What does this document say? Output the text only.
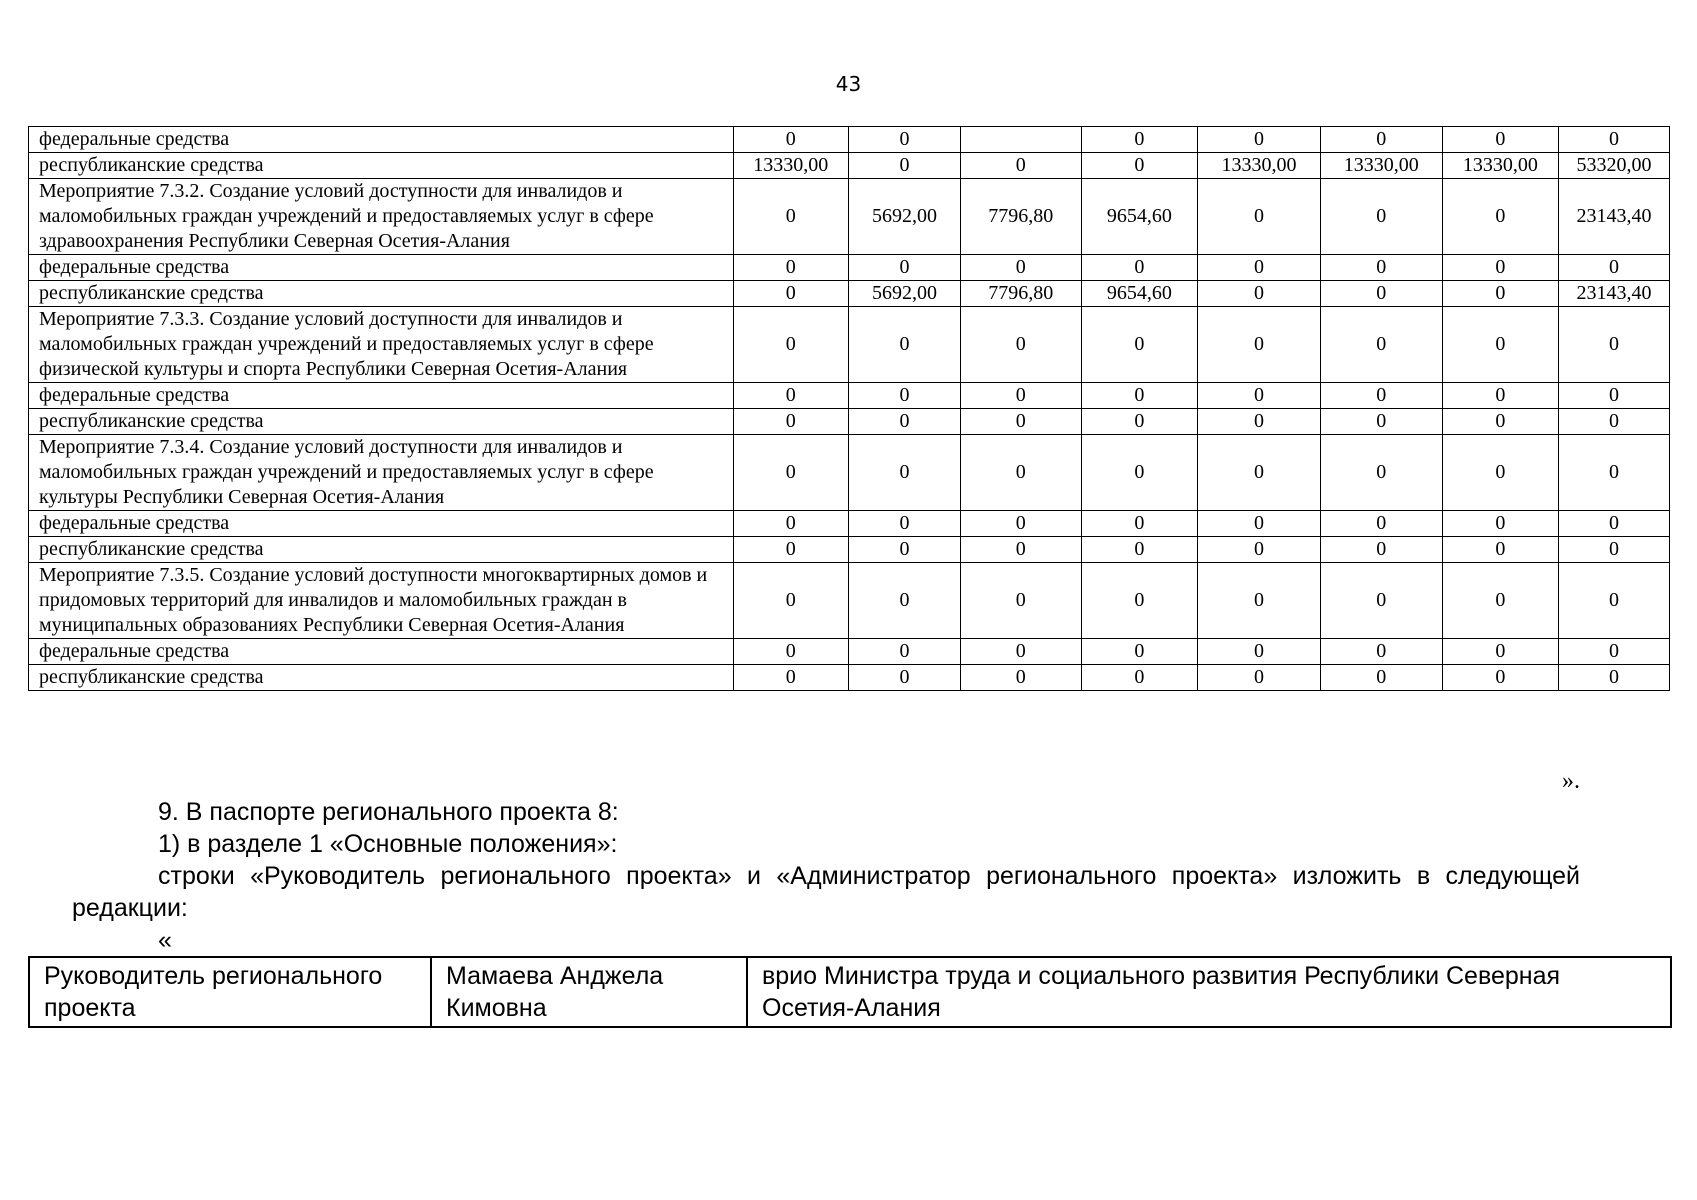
43
федеральные средства	0	0		0	0	0	0	0
республиканские средства	13330,00	0	0	0	13330,00	13330,00	13330,00	53320,00
Мероприятие 7.3.2. Создание условий доступности для инвалидов и маломобильных граждан учреждений и предоставляемых услуг в сфере здравоохранения Республики Северная Осетия-Алания	0	5692,00	7796,80	9654,60	0	0	0	23143,40
федеральные средства	0	0	0	0	0	0	0	0
республиканские средства	0	5692,00	7796,80	9654,60	0	0	0	23143,40
Мероприятие 7.3.3. Создание условий доступности для инвалидов и маломобильных граждан учреждений и предоставляемых услуг в сфере физической культуры и спорта Республики Северная Осетия-Алания	0	0	0	0	0	0	0	0
федеральные средства	0	0	0	0	0	0	0	0
республиканские средства	0	0	0	0	0	0	0	0
Мероприятие 7.3.4. Создание условий доступности для инвалидов и маломобильных граждан учреждений и предоставляемых услуг в сфере культуры Республики Северная Осетия-Алания	0	0	0	0	0	0	0	0
федеральные средства	0	0	0	0	0	0	0	0
республиканские средства	0	0	0	0	0	0	0	0
Мероприятие 7.3.5. Создание условий доступности многоквартирных домов и придомовых территорий для инвалидов и маломобильных граждан в муниципальных образованиях Республики Северная Осетия-Алания	0	0	0	0	0	0	0	0
федеральные средства	0	0	0	0	0	0	0	0
республиканские средства	0	0	0	0	0	0	0	0
».
9. В паспорте регионального проекта 8:
1) в разделе 1 «Основные положения»:
строки «Руководитель регионального проекта» и «Администратор регионального проекта» изложить в следующей редакции:
«
Руководитель регионального проекта	Мамаева Анджела Кимовна	врио Министра труда и социального развития Республики Северная Осетия-Алания
